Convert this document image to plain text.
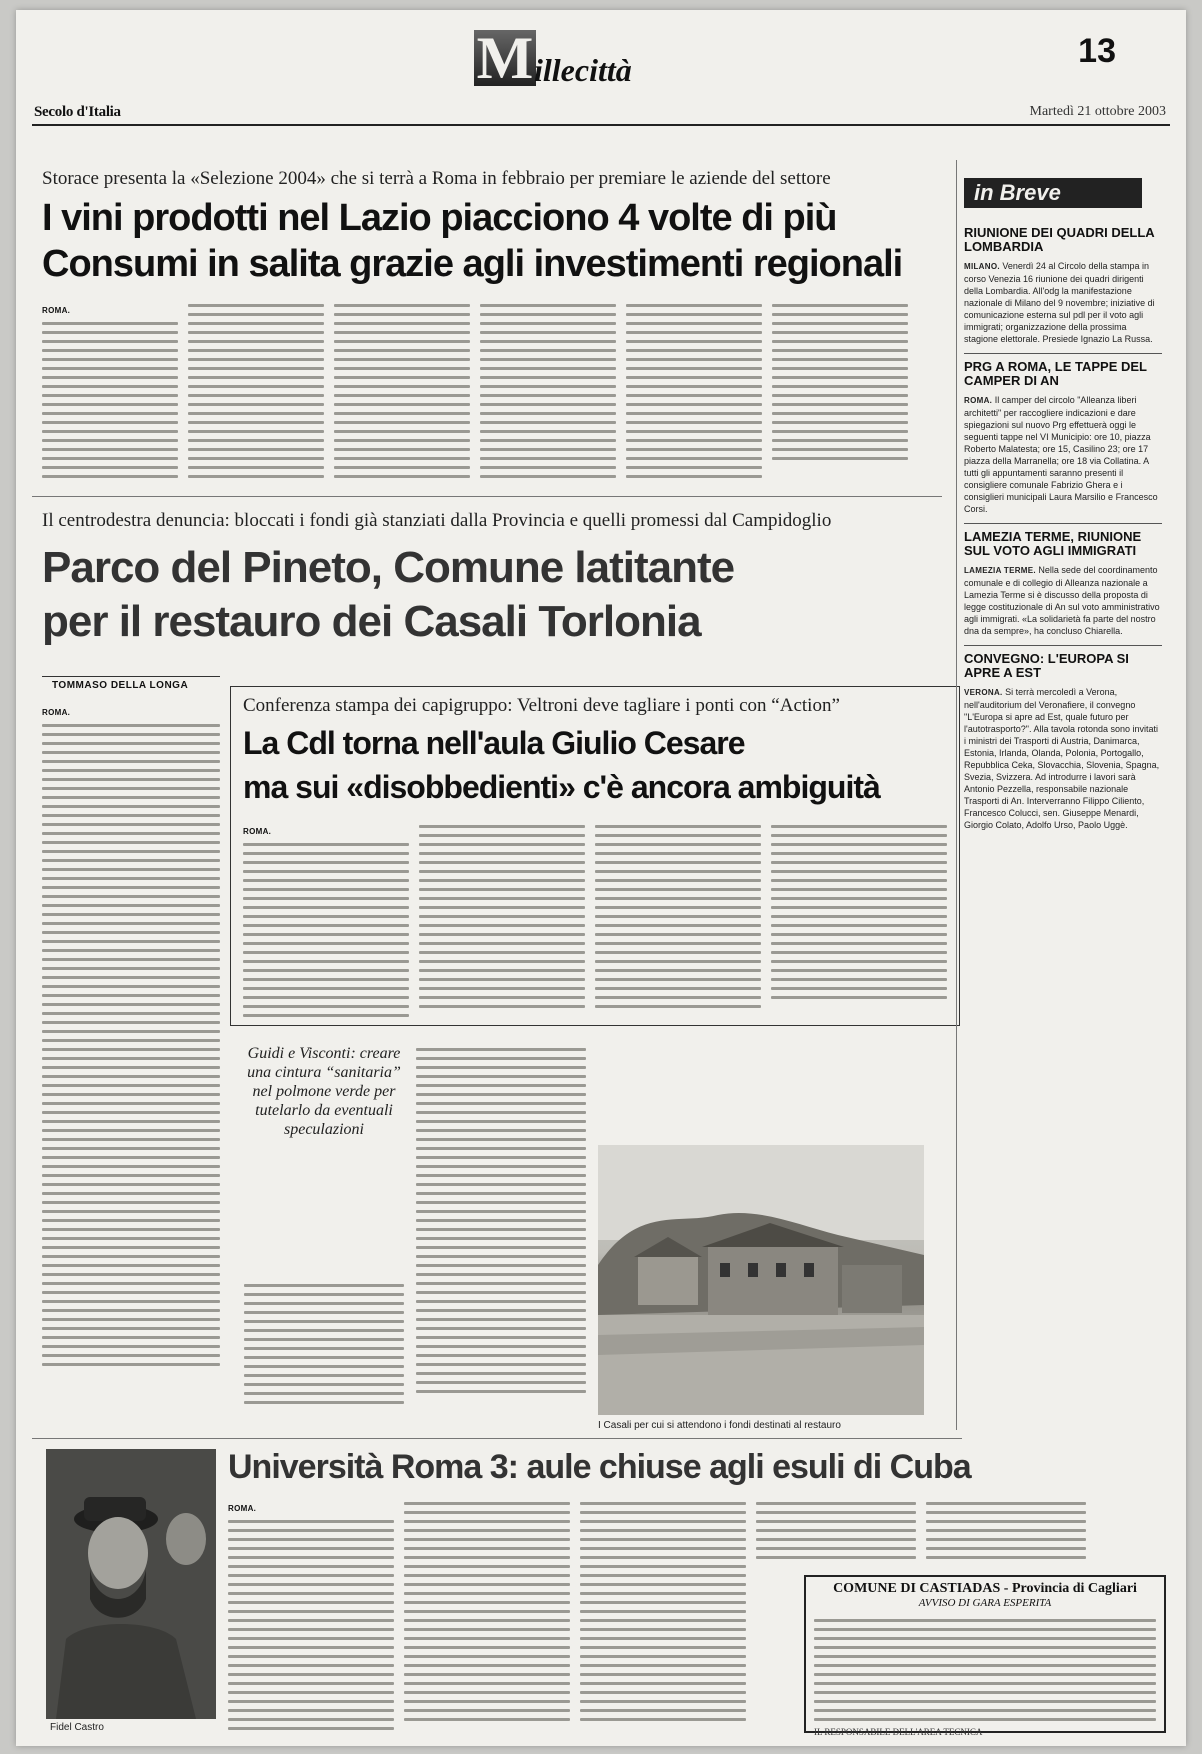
M illecittà	13
Secolo d'Italia	Martedì 21 ottobre 2003
Storace presenta la «Selezione 2004» che si terrà a Roma in febbraio per premiare le aziende del settore
I vini prodotti nel Lazio piacciono 4 volte di più
Consumi in salita grazie agli investimenti regionali
ROMA.
Il centrodestra denuncia: bloccati i fondi già stanziati dalla Provincia e quelli promessi dal Campidoglio
Parco del Pineto, Comune latitante
per il restauro dei Casali Torlonia
TOMMASO DELLA LONGA
ROMA.	Conferenza stampa dei capigruppo: Veltroni deve tagliare i ponti con “Action”
La Cdl torna nell'aula Giulio Cesare
ma sui «disobbedienti» c'è ancora ambiguità
ROMA.
Guidi e Visconti: creare una cintura “sanitaria” nel polmone verde per tutelarlo da eventuali speculazioni
I Casali per cui si attendono i fondi destinati al restauro
Università Roma 3: aule chiuse agli esuli di Cuba
Fidel Castro
ROMA.
COMUNE DI CASTIADAS - Provincia di Cagliari
AVVISO DI GARA ESPERITA
IL RESPONSABILE DELL'AREA TECNICA
in Breve
RIUNIONE DEI QUADRI DELLA LOMBARDIA
MILANO. Venerdì 24 al Circolo della stampa in corso Venezia 16 riunione dei quadri dirigenti della Lombardia. All'odg la manifestazione nazionale di Milano del 9 novembre; iniziative di comunicazione esterna sul pdl per il voto agli immigrati; organizzazione della prossima stagione elettorale. Presiede Ignazio La Russa.
PRG A ROMA, LE TAPPE DEL CAMPER DI AN
ROMA. Il camper del circolo "Alleanza liberi architetti" per raccogliere indicazioni e dare spiegazioni sul nuovo Prg effettuerà oggi le seguenti tappe nel VI Municipio: ore 10, piazza Roberto Malatesta; ore 15, Casilino 23; ore 17 piazza della Marranella; ore 18 via Collatina. A tutti gli appuntamenti saranno presenti il consigliere comunale Fabrizio Ghera e i consiglieri municipali Laura Marsilio e Francesco Corsi.
LAMEZIA TERME, RIUNIONE SUL VOTO AGLI IMMIGRATI
LAMEZIA TERME. Nella sede del coordinamento comunale e di collegio di Alleanza nazionale a Lamezia Terme si è discusso della proposta di legge costituzionale di An sul voto amministrativo agli immigrati. «La solidarietà fa parte del nostro dna da sempre», ha concluso Chiarella.
CONVEGNO: L'EUROPA SI APRE A EST
VERONA. Si terrà mercoledì a Verona, nell'auditorium del Veronafiere, il convegno "L'Europa si apre ad Est, quale futuro per l'autotrasporto?". Alla tavola rotonda sono invitati i ministri dei Trasporti di Austria, Danimarca, Estonia, Irlanda, Olanda, Polonia, Portogallo, Repubblica Ceka, Slovacchia, Slovenia, Spagna, Svezia, Svizzera. Ad introdurre i lavori sarà Antonio Pezzella, responsabile nazionale Trasporti di An. Interverranno Filippo Ciliento, Francesco Colucci, sen. Giuseppe Menardi, Giorgio Colato, Adolfo Urso, Paolo Uggè.
